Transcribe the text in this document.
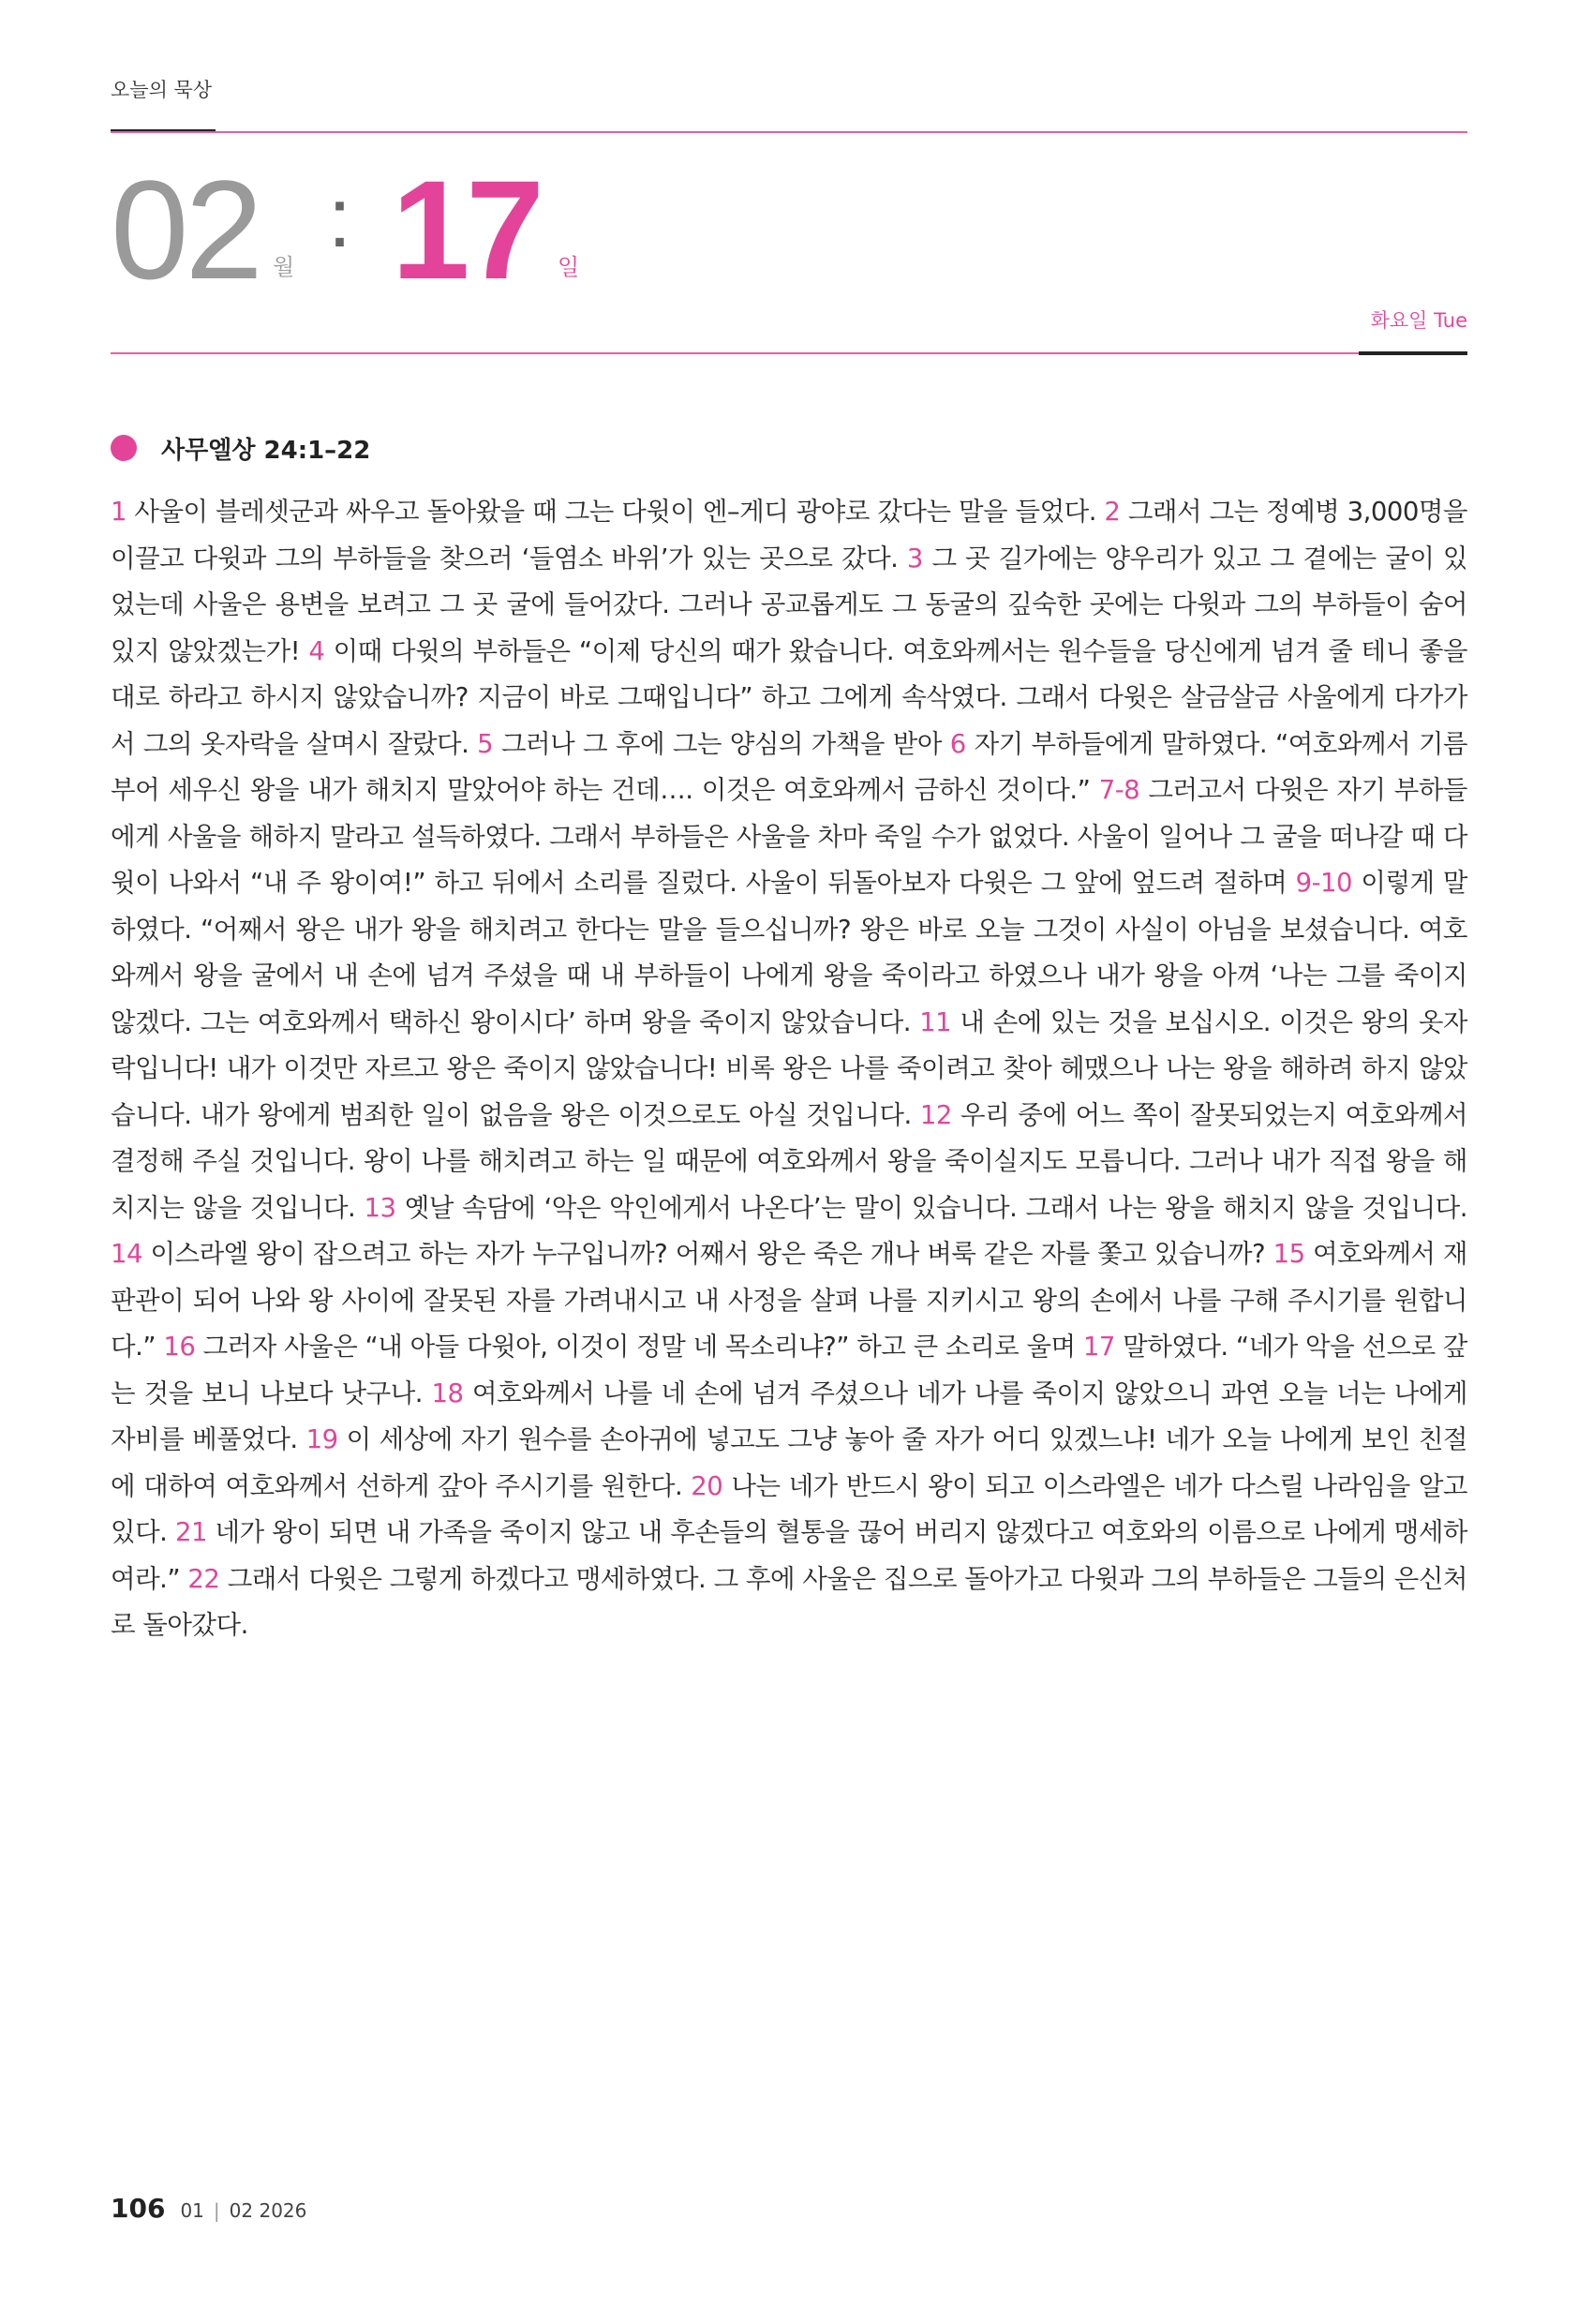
오늘의 묵상
02 월
: 17 일
화요일 Tue
사무엘상 24:1–22

1 사울이 블레셋군과 싸우고 돌아왔을 때 그는 다윗이 엔–게디 광야로 갔다는 말을 들었다. 2 그래서 그는 정예병 3,000명을 이끌고 다윗과 그의 부하들을 찾으러 ‘들염소 바위’가 있는 곳으로 갔다. 3 그 곳 길가에는 양우리가 있고 그 곁에는 굴이 있었는데 사울은 용변을 보려고 그 곳 굴에 들어갔다. 그러나 공교롭게도 그 동굴의 깊숙한 곳에는 다윗과 그의 부하들이 숨어 있지 않았겠는가! 4 이때 다윗의 부하들은 “이제 당신의 때가 왔습니다. 여호와께서는 원수들을 당신에게 넘겨 줄 테니 좋을 대로 하라고 하시지 않았습니까? 지금이 바로 그때입니다” 하고 그에게 속삭였다. 그래서 다윗은 살금살금 사울에게 다가가서 그의 옷자락을 살며시 잘랐다. 5 그러나 그 후에 그는 양심의 가책을 받아 6 자기 부하들에게 말하였다. “여호와께서 기름 부어 세우신 왕을 내가 해치지 말았어야 하는 건데…. 이것은 여호와께서 금하신 것이다.” 7-8 그러고서 다윗은 자기 부하들에게 사울을 해하지 말라고 설득하였다. 그래서 부하들은 사울을 차마 죽일 수가 없었다. 사울이 일어나 그 굴을 떠나갈 때 다윗이 나와서 “내 주 왕이여!” 하고 뒤에서 소리를 질렀다. 사울이 뒤돌아보자 다윗은 그 앞에 엎드려 절하며 9-10 이렇게 말하였다. “어째서 왕은 내가 왕을 해치려고 한다는 말을 들으십니까? 왕은 바로 오늘 그것이 사실이 아님을 보셨습니다. 여호와께서 왕을 굴에서 내 손에 넘겨 주셨을 때 내 부하들이 나에게 왕을 죽이라고 하였으나 내가 왕을 아껴 ‘나는 그를 죽이지 않겠다. 그는 여호와께서 택하신 왕이시다’ 하며 왕을 죽이지 않았습니다. 11 내 손에 있는 것을 보십시오. 이것은 왕의 옷자락입니다! 내가 이것만 자르고 왕은 죽이지 않았습니다! 비록 왕은 나를 죽이려고 찾아 헤맸으나 나는 왕을 해하려 하지 않았습니다. 내가 왕에게 범죄한 일이 없음을 왕은 이것으로도 아실 것입니다. 12 우리 중에 어느 쪽이 잘못되었는지 여호와께서 결정해 주실 것입니다. 왕이 나를 해치려고 하는 일 때문에 여호와께서 왕을 죽이실지도 모릅니다. 그러나 내가 직접 왕을 해치지는 않을 것입니다. 13 옛날 속담에 ‘악은 악인에게서 나온다’는 말이 있습니다. 그래서 나는 왕을 해치지 않을 것입니다. 14 이스라엘 왕이 잡으려고 하는 자가 누구입니까? 어째서 왕은 죽은 개나 벼룩 같은 자를 쫓고 있습니까? 15 여호와께서 재판관이 되어 나와 왕 사이에 잘못된 자를 가려내시고 내 사정을 살펴 나를 지키시고 왕의 손에서 나를 구해 주시기를 원합니다.” 16 그러자 사울은 “내 아들 다윗아, 이것이 정말 네 목소리냐?” 하고 큰 소리로 울며 17 말하였다. “네가 악을 선으로 갚는 것을 보니 나보다 낫구나. 18 여호와께서 나를 네 손에 넘겨 주셨으나 네가 나를 죽이지 않았으니 과연 오늘 너는 나에게 자비를 베풀었다. 19 이 세상에 자기 원수를 손아귀에 넣고도 그냥 놓아 줄 자가 어디 있겠느냐! 네가 오늘 나에게 보인 친절에 대하여 여호와께서 선하게 갚아 주시기를 원한다. 20 나는 네가 반드시 왕이 되고 이스라엘은 네가 다스릴 나라임을 알고 있다. 21 네가 왕이 되면 내 가족을 죽이지 않고 내 후손들의 혈통을 끊어 버리지 않겠다고 여호와의 이름으로 나에게 맹세하여라.” 22 그래서 다윗은 그렇게 하겠다고 맹세하였다. 그 후에 사울은 집으로 돌아가고 다윗과 그의 부하들은 그들의 은신처로 돌아갔다.

106 01 | 02 2026
